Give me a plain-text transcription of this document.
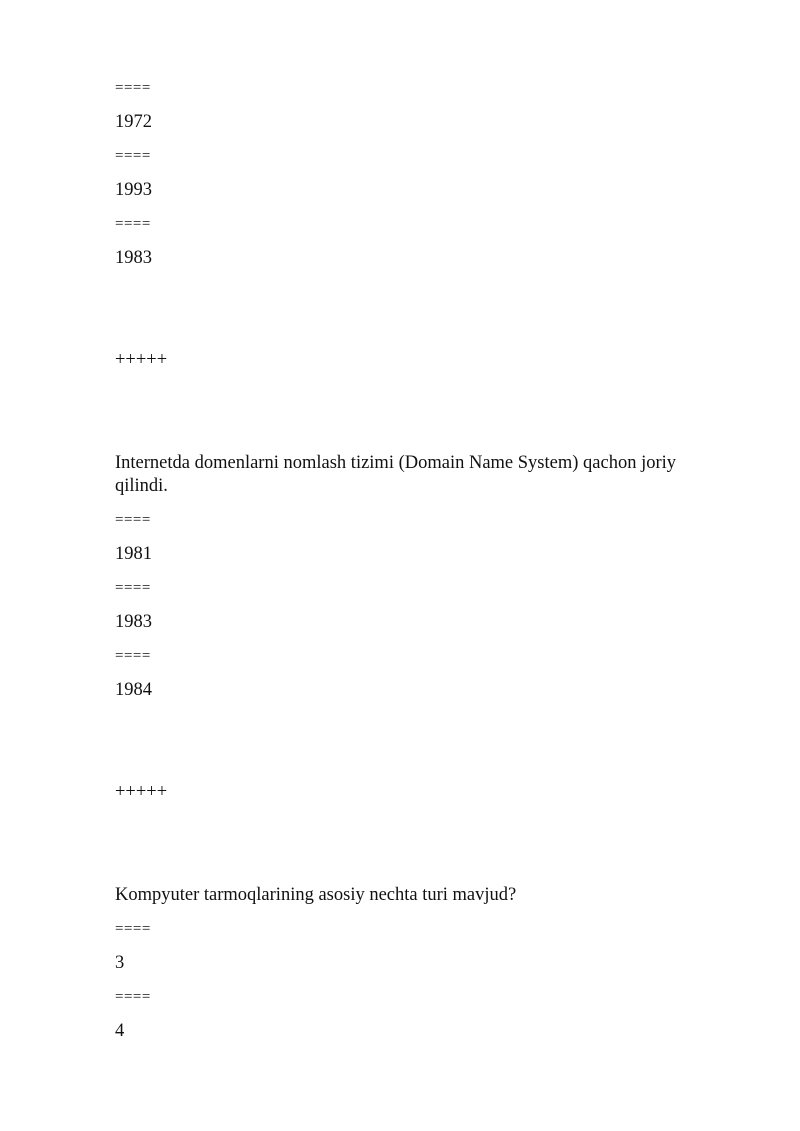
====
1972
====
1993
====
1983
+++++
Internetda domenlarni nomlash tizimi (Domain Name System) qachon joriy qilindi.
====
1981
====
1983
====
1984
+++++
Kompyuter tarmoqlarining asosiy nechta turi mavjud?
====
3
====
4
